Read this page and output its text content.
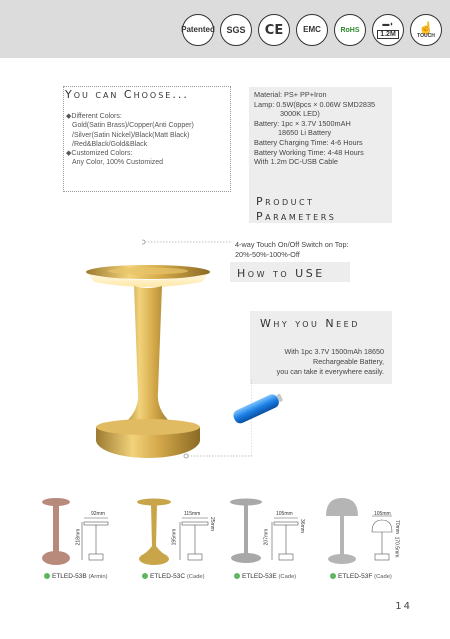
Patented SGS CE EMC	RoHS
▬◗
1.2M ☝
TOUCH
You can Choose...
◆Different Colors:
Gold(Satin Brass)/Copper(Anti Copper)
/Silver(Satin Nickel)/Black(Matt Black)
/Red&Black/Gold&Black
◆Customized Colors:
Any Color, 100% Customized
Material: PS+ PP+Iron
Lamp: 0.5W(8pcs × 0.06W SMD2835
3000K LED)
Battery: 1pc × 3.7V 1500mAH
18650 Li Battery
Battery Charging Time: 4-6 Hours
Battery Working Time: 4-48 Hours
With 1.2m DC-USB Cable
Product
Parameters
4-way Touch On/Off Switch on Top:
20%-50%-100%-Off
How to USE
Why you Need
With 1pc 3.7V 1500mAh 18650
Rechargeable Battery,
you can take it everywhere easily.
92mm
218mm
ETLED-53B (Armin)
115mm
25mm
195mm
ETLED-53C (Cade)
105mm
36mm
207mm
ETLED-53E (Cade)
105mm
70mm
170.5mm
ETLED-53F (Cade)
14
